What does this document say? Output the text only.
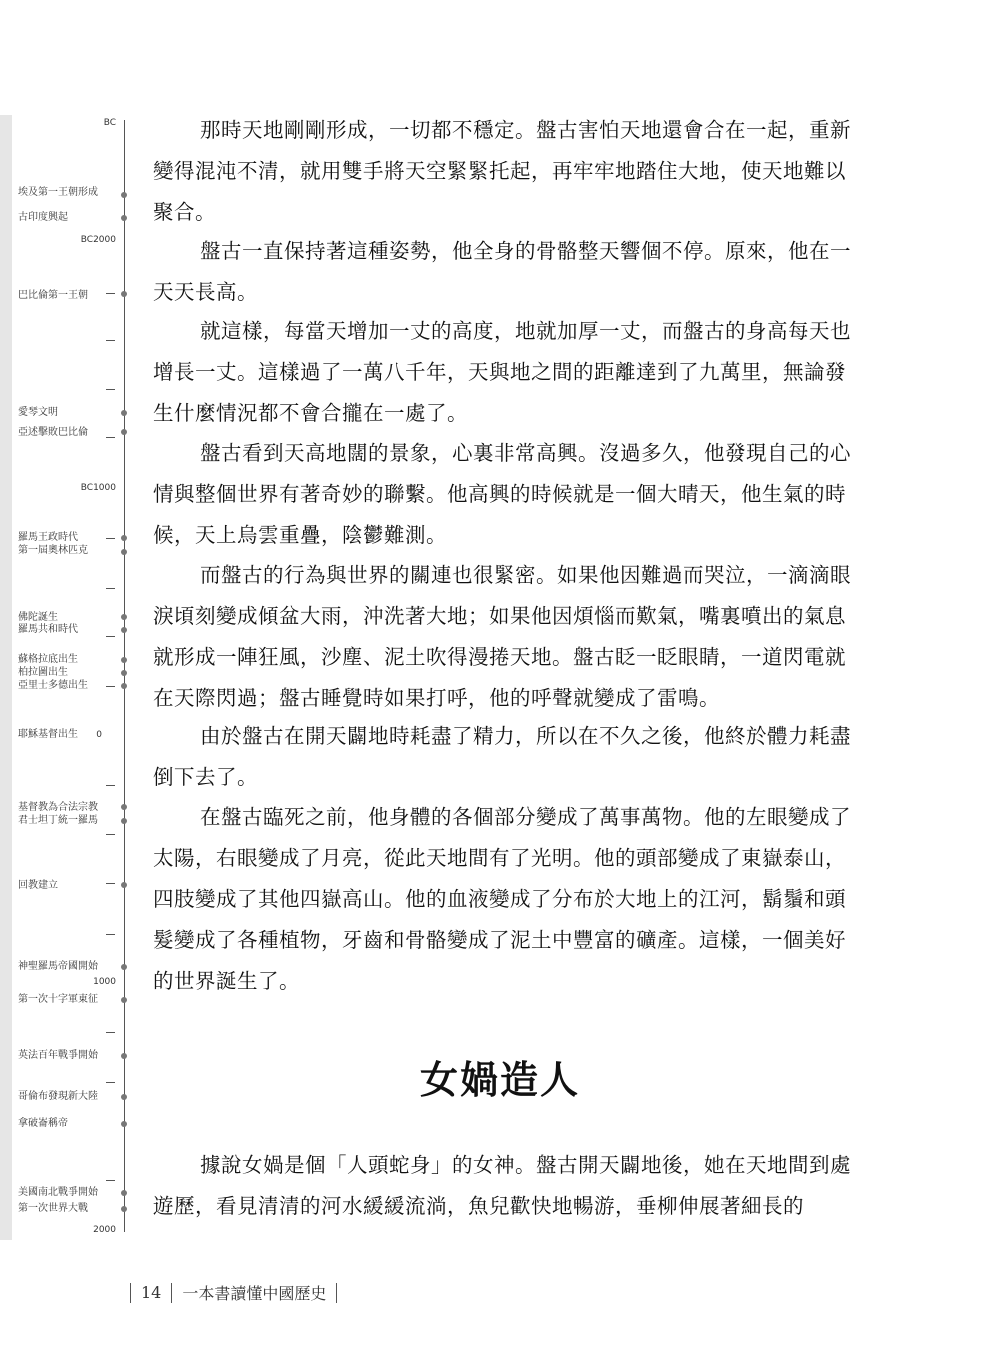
BC
埃及第一王朝形成
古印度興起
BC2000
巴比倫第一王朝
愛琴文明
亞述擊敗巴比倫
BC1000
羅馬王政時代
第一屆奧林匹克
佛陀誕生
羅馬共和時代
蘇格拉底出生
柏拉圖出生
亞里士多德出生
耶穌基督出生 0
基督教為合法宗教
君士坦丁統一羅馬
回教建立
神聖羅馬帝國開始
1000
第一次十字軍東征
英法百年戰爭開始
哥倫布發現新大陸
拿破崙稱帝
美國南北戰爭開始
第一次世界大戰
2000

那時天地剛剛形成，一切都不穩定。盤古害怕天地還會合在一起，重新變得混沌不清，就用雙手將天空緊緊托起，再牢牢地踏住大地，使天地難以聚合。

盤古一直保持著這種姿勢，他全身的骨骼整天響個不停。原來，他在一天天長高。

就這樣，每當天增加一丈的高度，地就加厚一丈，而盤古的身高每天也增長一丈。這樣過了一萬八千年，天與地之間的距離達到了九萬里，無論發生什麼情況都不會合攏在一處了。

盤古看到天高地闊的景象，心裏非常高興。沒過多久，他發現自己的心情與整個世界有著奇妙的聯繫。他高興的時候就是一個大晴天，他生氣的時候，天上烏雲重疊，陰鬱難測。

而盤古的行為與世界的關連也很緊密。如果他因難過而哭泣，一滴滴眼淚頃刻變成傾盆大雨，沖洗著大地；如果他因煩惱而歎氣，嘴裏噴出的氣息就形成一陣狂風，沙塵、泥土吹得漫捲天地。盤古眨一眨眼睛，一道閃電就在天際閃過；盤古睡覺時如果打呼，他的呼聲就變成了雷鳴。

由於盤古在開天闢地時耗盡了精力，所以在不久之後，他終於體力耗盡倒下去了。

在盤古臨死之前，他身體的各個部分變成了萬事萬物。他的左眼變成了太陽，右眼變成了月亮，從此天地間有了光明。他的頭部變成了東嶽泰山，四肢變成了其他四嶽高山。他的血液變成了分布於大地上的江河，鬍鬚和頭髮變成了各種植物，牙齒和骨骼變成了泥土中豐富的礦產。這樣，一個美好的世界誕生了。

女媧造人

據說女媧是個「人頭蛇身」的女神。盤古開天闢地後，她在天地間到處遊歷，看見清清的河水緩緩流淌，魚兒歡快地暢游，垂柳伸展著細長的

14 一本書讀懂中國歷史
